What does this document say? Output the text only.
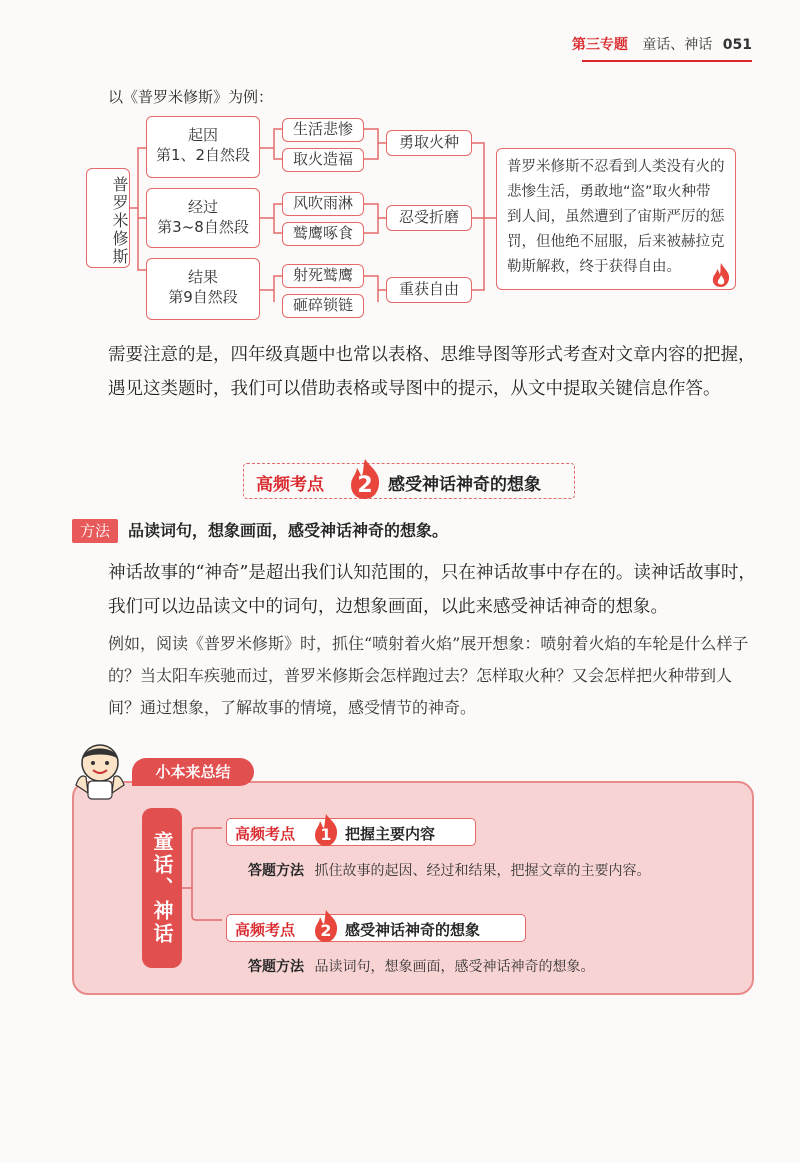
第三专题 童话、神话 051
以《普罗米修斯》为例：
普罗米修斯
起因
第1、2自然段
经过
第3~8自然段
结果
第9自然段
生活悲惨
取火造福
风吹雨淋
鹫鹰啄食
射死鹫鹰
砸碎锁链
勇取火种
忍受折磨
重获自由
普罗米修斯不忍看到人类没有火的悲惨生活，勇敢地“盗”取火种带到人间，虽然遭到了宙斯严厉的惩罚，但他绝不屈服，后来被赫拉克勒斯解救，终于获得自由。
需要注意的是，四年级真题中也常以表格、思维导图等形式考查对文章内容的把握，遇见这类题时，我们可以借助表格或导图中的提示，从文中提取关键信息作答。
高频考点 2 感受神话神奇的想象
方法	品读词句，想象画面，感受神话神奇的想象。
神话故事的“神奇”是超出我们认知范围的，只在神话故事中存在的。读神话故事时，我们可以边品读文中的词句，边想象画面，以此来感受神话神奇的想象。
例如，阅读《普罗米修斯》时，抓住“喷射着火焰”展开想象：喷射着火焰的车轮是什么样子的？当太阳车疾驰而过，普罗米修斯会怎样跑过去？怎样取火种？又会怎样把火种带到人间？通过想象，了解故事的情境，感受情节的神奇。
小本来总结
童话、神话	高频考点 1 把握主要内容
答题方法 抓住故事的起因、经过和结果，把握文章的主要内容。
高频考点 2 感受神话神奇的想象
答题方法 品读词句，想象画面，感受神话神奇的想象。
